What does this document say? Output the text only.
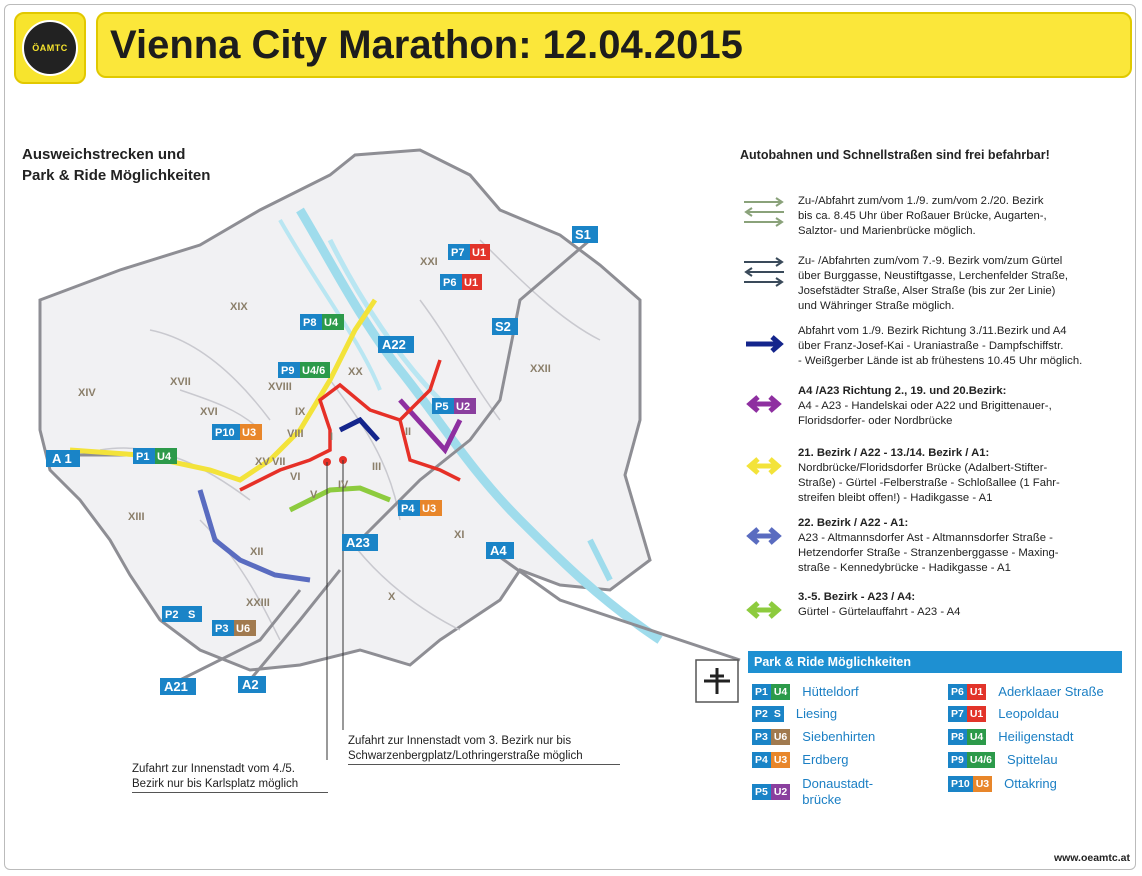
ÖAMTC Vienna City Marathon: 12.04.2015
Ausweichstrecken und
Park & Ride Möglichkeiten
XIX
XXI
XXII
XIV
XVII	XVIII
XVI
XV
XIII
XII
XXIII
XX
IX
VIII
VII
VI
V
IV
I	II
III
XI
X
A 1
A21	A2
A23
A22
A4
S1
S2
P1 U4
P2 S
P3 U6
P4 U3
P5 U2
P6 U1
P7 U1
P8 U4
P9 U4/6
P10 U3
Zufahrt zur Innenstadt vom 4./5.
Bezirk nur bis Karlsplatz möglich
Zufahrt zur Innenstadt vom 3. Bezirk nur bis
Schwarzenbergplatz/Lothringerstraße möglich
Autobahnen und Schnellstraßen sind frei befahrbar!
Zu-/Abfahrt zum/vom 1./9. zum/vom 2./20. Bezirk
bis ca. 8.45 Uhr über Roßauer Brücke, Augarten-,
Salztor- und Marienbrücke möglich.
Zu- /Abfahrten zum/vom 7.-9. Bezirk vom/zum Gürtel
über Burggasse, Neustiftgasse, Lerchenfelder Straße,
Josefstädter Straße, Alser Straße (bis zur 2er Linie)
und Währinger Straße möglich.
Abfahrt vom 1./9. Bezirk Richtung 3./11.Bezirk und A4
über Franz-Josef-Kai - Uraniastraße - Dampfschiffstr.
- Weißgerber Lände ist ab frühestens 10.45 Uhr möglich.
A4 /A23 Richtung 2., 19. und 20.Bezirk:
A4 - A23 - Handelskai oder A22 und Brigittenauer-,
Floridsdorfer- oder Nordbrücke
21. Bezirk / A22 - 13./14. Bezirk / A1:
Nordbrücke/Floridsdorfer Brücke (Adalbert-Stifter-
Straße) - Gürtel -Felberstraße - Schloßallee (1 Fahr-
streifen bleibt offen!) - Hadikgasse - A1
22. Bezirk / A22 - A1:
A23 - Altmannsdorfer Ast - Altmannsdorfer Straße -
Hetzendorfer Straße - Stranzenberggasse - Maxing-
straße - Kennedybrücke - Hadikgasse - A1
3.-5. Bezirk - A23 / A4:
Gürtel - Gürtelauffahrt - A23 - A4
Park & Ride Möglichkeiten
P1 U4 Hütteldorf
P2 S Liesing
P3 U6 Siebenhirten
P4 U3 Erdberg
P5 U2
Donaustadt-
brücke
P6 U1 Aderklaaer Straße
P7 U1 Leopoldau
P8 U4 Heiligenstadt
P9 U4/6 Spittelau
P10 U3 Ottakring
www.oeamtc.at
